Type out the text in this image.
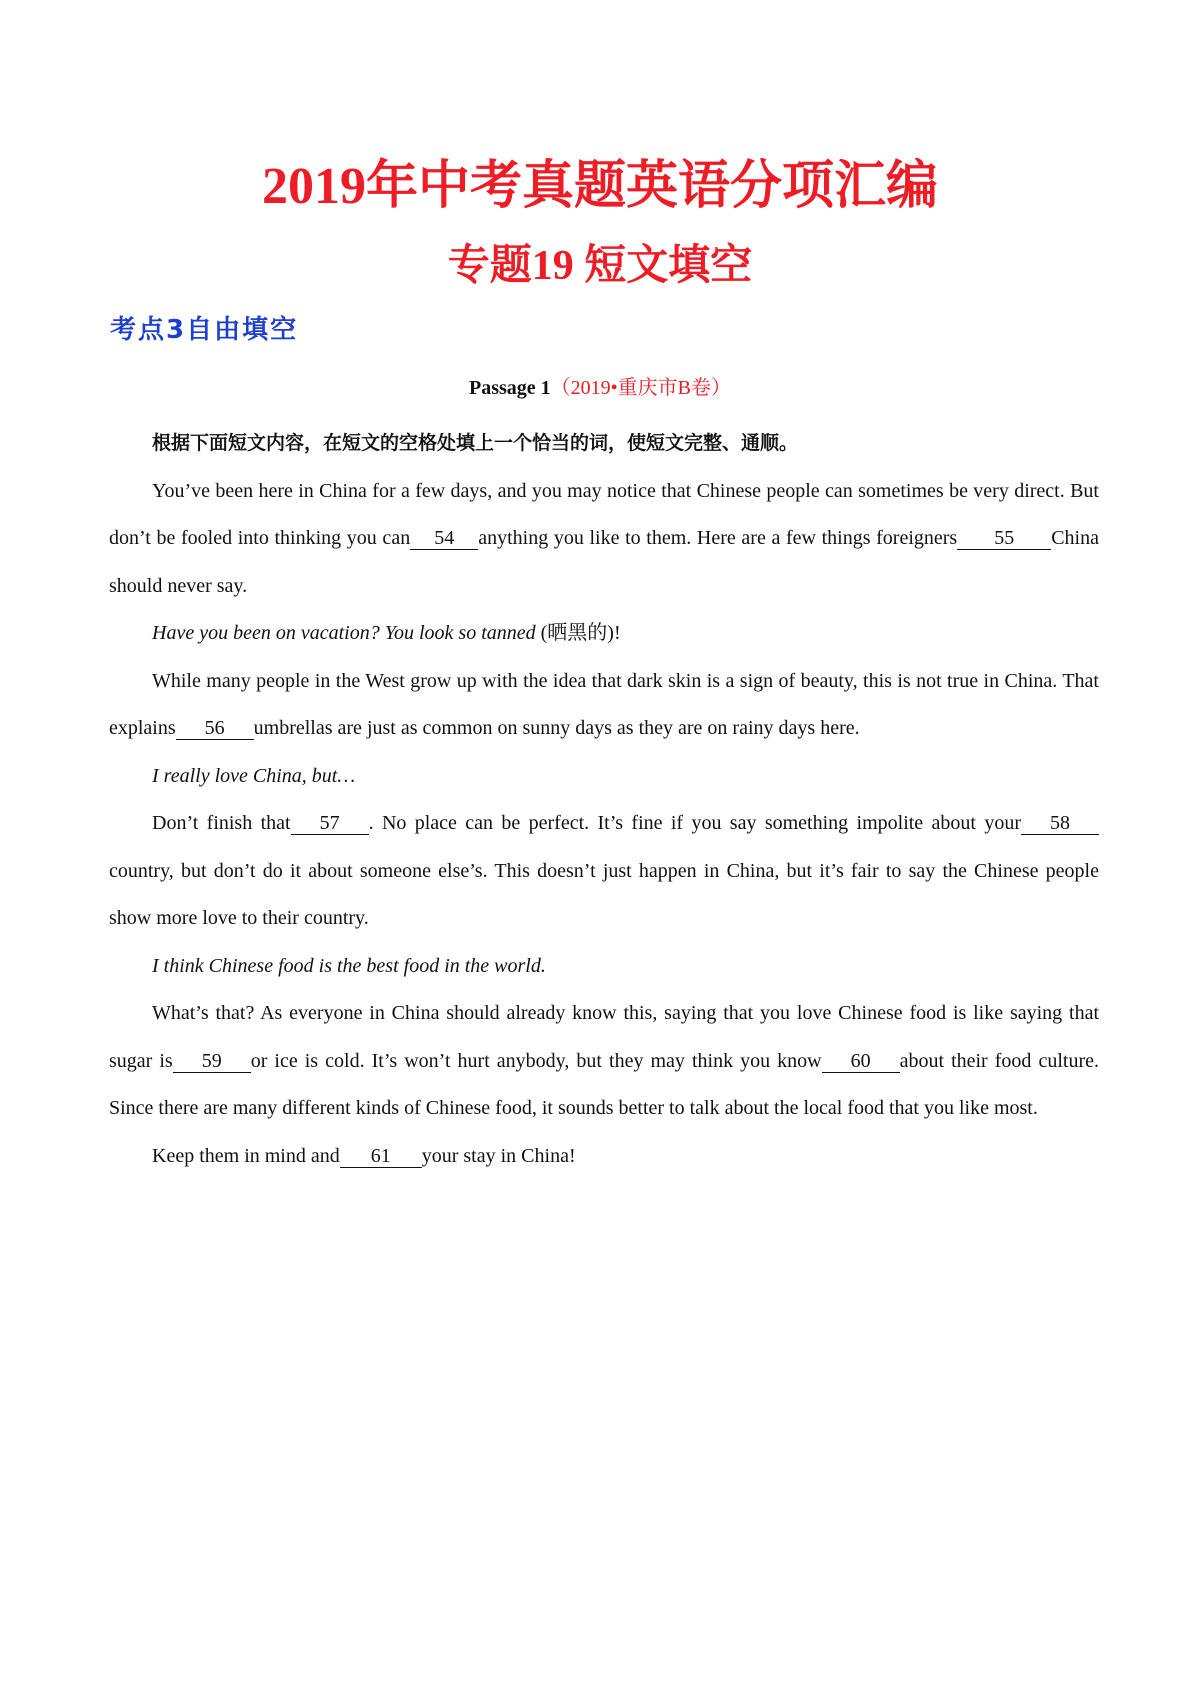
2019年中考真题英语分项汇编
专题19 短文填空
考点3自由填空
Passage 1（2019•重庆市B卷）

根据下面短文内容，在短文的空格处填上一个恰当的词，使短文完整、通顺。

You’ve been here in China for a few days, and you may notice that Chinese people can sometimes be very direct. But don’t be fooled into thinking you can 54 anything you like to them. Here are a few things foreigners 55 China should never say.

Have you been on vacation? You look so tanned (晒黑的)!

While many people in the West grow up with the idea that dark skin is a sign of beauty, this is not true in China. That explains 56 umbrellas are just as common on sunny days as they are on rainy days here.

I really love China, but…

Don’t finish that 57 . No place can be perfect. It’s fine if you say something impolite about your 58country, but don’t do it about someone else’s. This doesn’t just happen in China, but it’s fair to say the Chinese people show more love to their country.

I think Chinese food is the best food in the world.

What’s that? As everyone in China should already know this, saying that you love Chinese food is like saying that sugar is 59 or ice is cold. It’s won’t hurt anybody, but they may think you know 60 about their food culture. Since there are many different kinds of Chinese food, it sounds better to talk about the local food that you like most.

Keep them in mind and 61 your stay in China!
